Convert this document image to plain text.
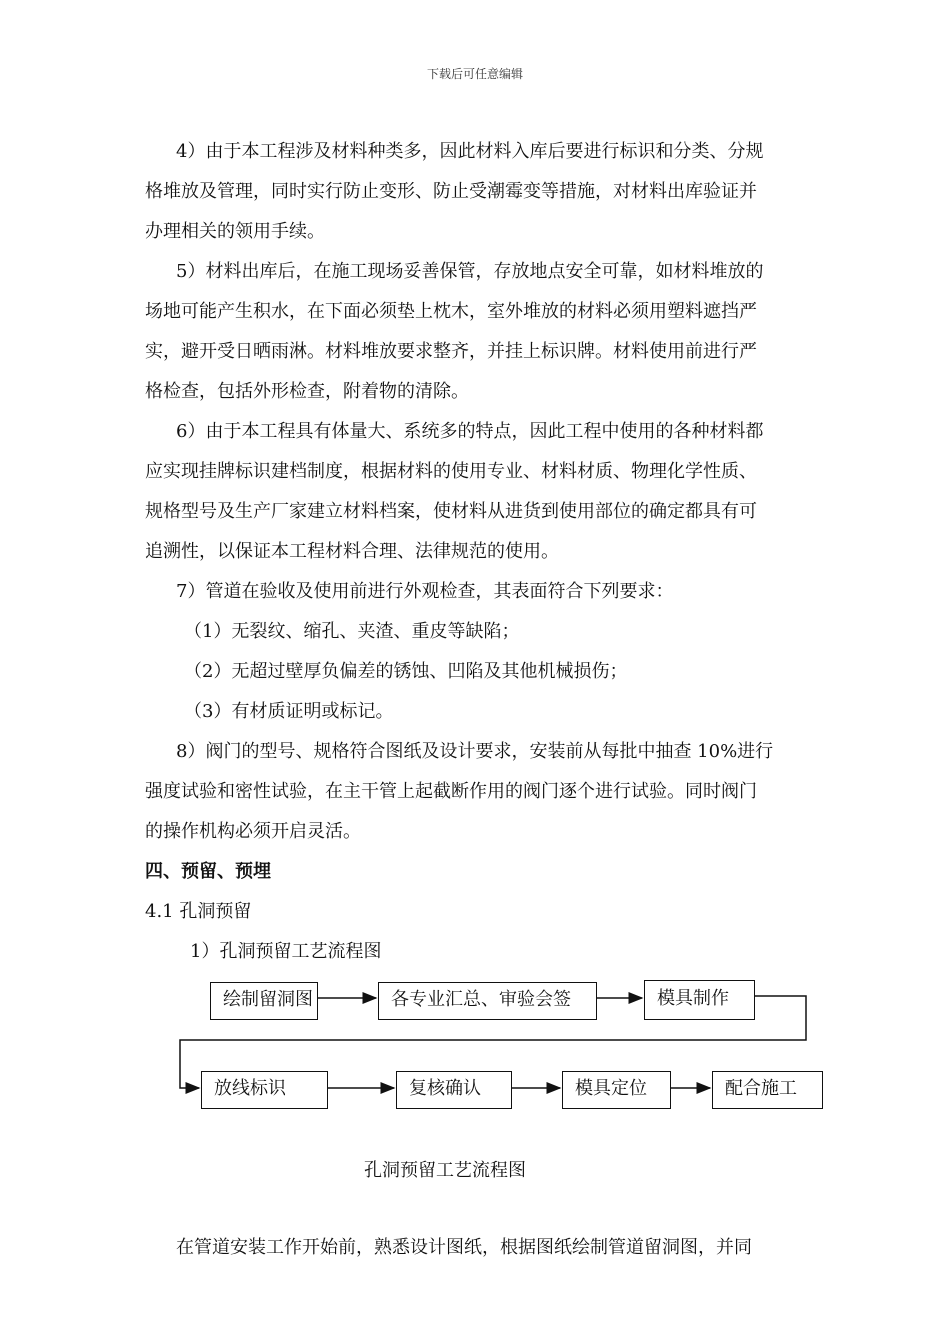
下载后可任意编辑
4）由于本工程涉及材料种类多，因此材料入库后要进行标识和分类、分规
格堆放及管理，同时实行防止变形、防止受潮霉变等措施，对材料出库验证并
办理相关的领用手续。
5）材料出库后，在施工现场妥善保管，存放地点安全可靠，如材料堆放的
场地可能产生积水，在下面必须垫上枕木，室外堆放的材料必须用塑料遮挡严
实，避开受日晒雨淋。材料堆放要求整齐，并挂上标识牌。材料使用前进行严
格检查，包括外形检查，附着物的清除。
6）由于本工程具有体量大、系统多的特点，因此工程中使用的各种材料都
应实现挂牌标识建档制度，根据材料的使用专业、材料材质、物理化学性质、
规格型号及生产厂家建立材料档案，使材料从进货到使用部位的确定都具有可
追溯性，以保证本工程材料合理、法律规范的使用。
7）管道在验收及使用前进行外观检查，其表面符合下列要求：
（1）无裂纹、缩孔、夹渣、重皮等缺陷；
（2）无超过壁厚负偏差的锈蚀、凹陷及其他机械损伤；
（3）有材质证明或标记。
8）阀门的型号、规格符合图纸及设计要求，安装前从每批中抽查 10%进行
强度试验和密性试验，在主干管上起截断作用的阀门逐个进行试验。同时阀门
的操作机构必须开启灵活。
四、预留、预埋
4.1 孔洞预留
1）孔洞预留工艺流程图
绘制留洞图	各专业汇总、审验会签	模具制作
放线标识	复核确认	模具定位	配合施工
孔洞预留工艺流程图
在管道安装工作开始前，熟悉设计图纸，根据图纸绘制管道留洞图，并同
